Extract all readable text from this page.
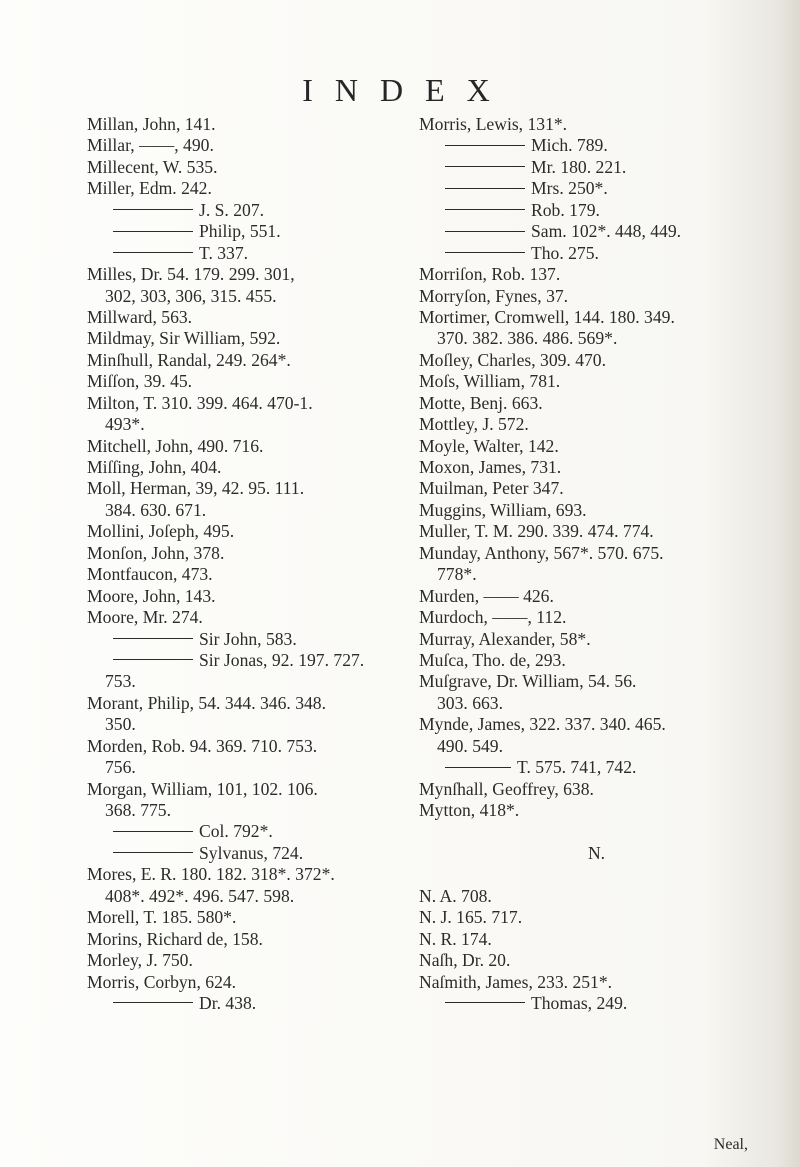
INDEX
Millan, John, 141.
Millar, ——, 490.
Millecent, W. 535.
Miller, Edm. 242.
J. S. 207.
Philip, 551.
T. 337.
Milles, Dr. 54. 179. 299. 301,
302, 303, 306, 315. 455.
Millward, 563.
Mildmay, Sir William, 592.
Minſhull, Randal, 249. 264*.
Miſſon, 39. 45.
Milton, T. 310. 399. 464. 470-1.
493*.
Mitchell, John, 490. 716.
Miſſing, John, 404.
Moll, Herman, 39, 42. 95. 111.
384. 630. 671.
Mollini, Joſeph, 495.
Monſon, John, 378.
Montfaucon, 473.
Moore, John, 143.
Moore, Mr. 274.
Sir John, 583.
Sir Jonas, 92. 197. 727.
753.
Morant, Philip, 54. 344. 346. 348.
350.
Morden, Rob. 94. 369. 710. 753.
756.
Morgan, William, 101, 102. 106.
368. 775.
Col. 792*.
Sylvanus, 724.
Mores, E. R. 180. 182. 318*. 372*.
408*. 492*. 496. 547. 598.
Morell, T. 185. 580*.
Morins, Richard de, 158.
Morley, J. 750.
Morris, Corbyn, 624.
Dr. 438.
Morris, Lewis, 131*.
Mich. 789.
Mr. 180. 221.
Mrs. 250*.
Rob. 179.
Sam. 102*. 448, 449.
Tho. 275.
Morriſon, Rob. 137.
Morryſon, Fynes, 37.
Mortimer, Cromwell, 144. 180. 349.
370. 382. 386. 486. 569*.
Moſley, Charles, 309. 470.
Moſs, William, 781.
Motte, Benj. 663.
Mottley, J. 572.
Moyle, Walter, 142.
Moxon, James, 731.
Muilman, Peter 347.
Muggins, William, 693.
Muller, T. M. 290. 339. 474. 774.
Munday, Anthony, 567*. 570. 675.
778*.
Murden, —— 426.
Murdoch, ——, 112.
Murray, Alexander, 58*.
Muſca, Tho. de, 293.
Muſgrave, Dr. William, 54. 56.
303. 663.
Mynde, James, 322. 337. 340. 465.
490. 549.
T. 575. 741, 742.
Mynſhall, Geoffrey, 638.
Mytton, 418*.
N.
N. A. 708.
N. J. 165. 717.
N. R. 174.
Naſh, Dr. 20.
Naſmith, James, 233. 251*.
Thomas, 249.
Neal,
